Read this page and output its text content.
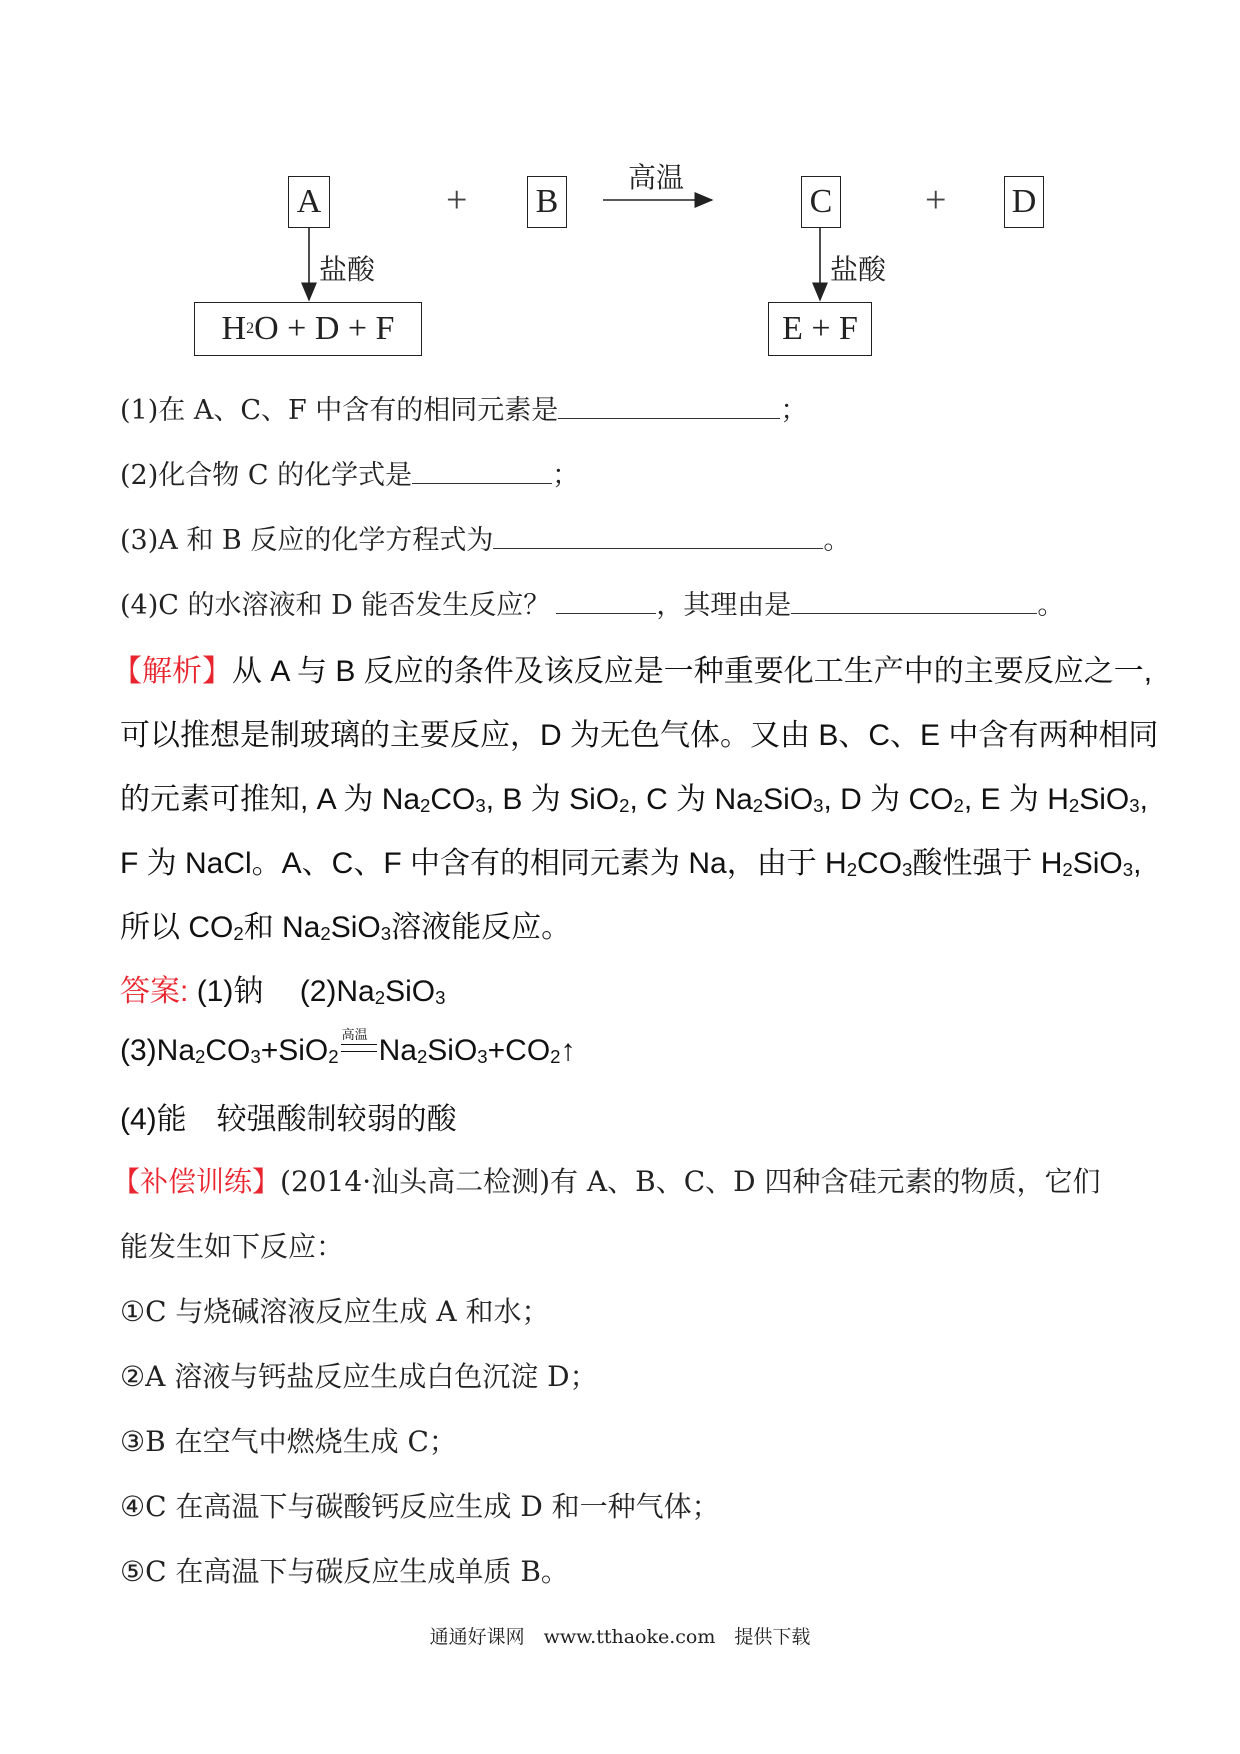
A	+ B
高温
C + D
盐酸	盐酸
H 2 O + D + F	E + F
(1)在 A、C、F 中含有的相同元素是	；
(2)化合物 C 的化学式是	；
(3)A 和 B 反应的化学方程式为	。
(4)C 的水溶液和 D 能否发生反应？	，其理由是	。
【解析】从 A 与 B 反应的条件及该反应是一种重要化工生产中的主要反应之一,
可以推想是制玻璃的主要反应，D 为无色气体。又由 B、C、E 中含有两种相同
的元素可推知, A 为 $Na_2CO_3$, B 为 SiO$_2$, C 为 $Na_2SiO_3$, D 为 $CO_2$, E 为 $H_2SiO_3$,
F 为 NaCl。A、C、F 中含有的相同元素为 Na，由于 $H_2CO_3$酸性强于 $H_2SiO_3$,
所以 $CO_2$和 $Na_2SiO_3$溶液能反应。
答案: (1)钠 $(2)Na_2SiO_3$
$(3)Na_2CO_3+SiO_2$
高温 $Na_2SiO_3+CO_2↑$
(4)能　较强酸制较弱的酸
【补偿训练】(2014·汕头高二检测)有 A、B、C、D 四种含硅元素的物质，它们
能发生如下反应：
①C 与烧碱溶液反应生成 A 和水；
②A 溶液与钙盐反应生成白色沉淀 D；
③B 在空气中燃烧生成 C；
④C 在高温下与碳酸钙反应生成 D 和一种气体；
⑤C 在高温下与碳反应生成单质 B。
通通好课网　www.tthaoke.com　提供下载
